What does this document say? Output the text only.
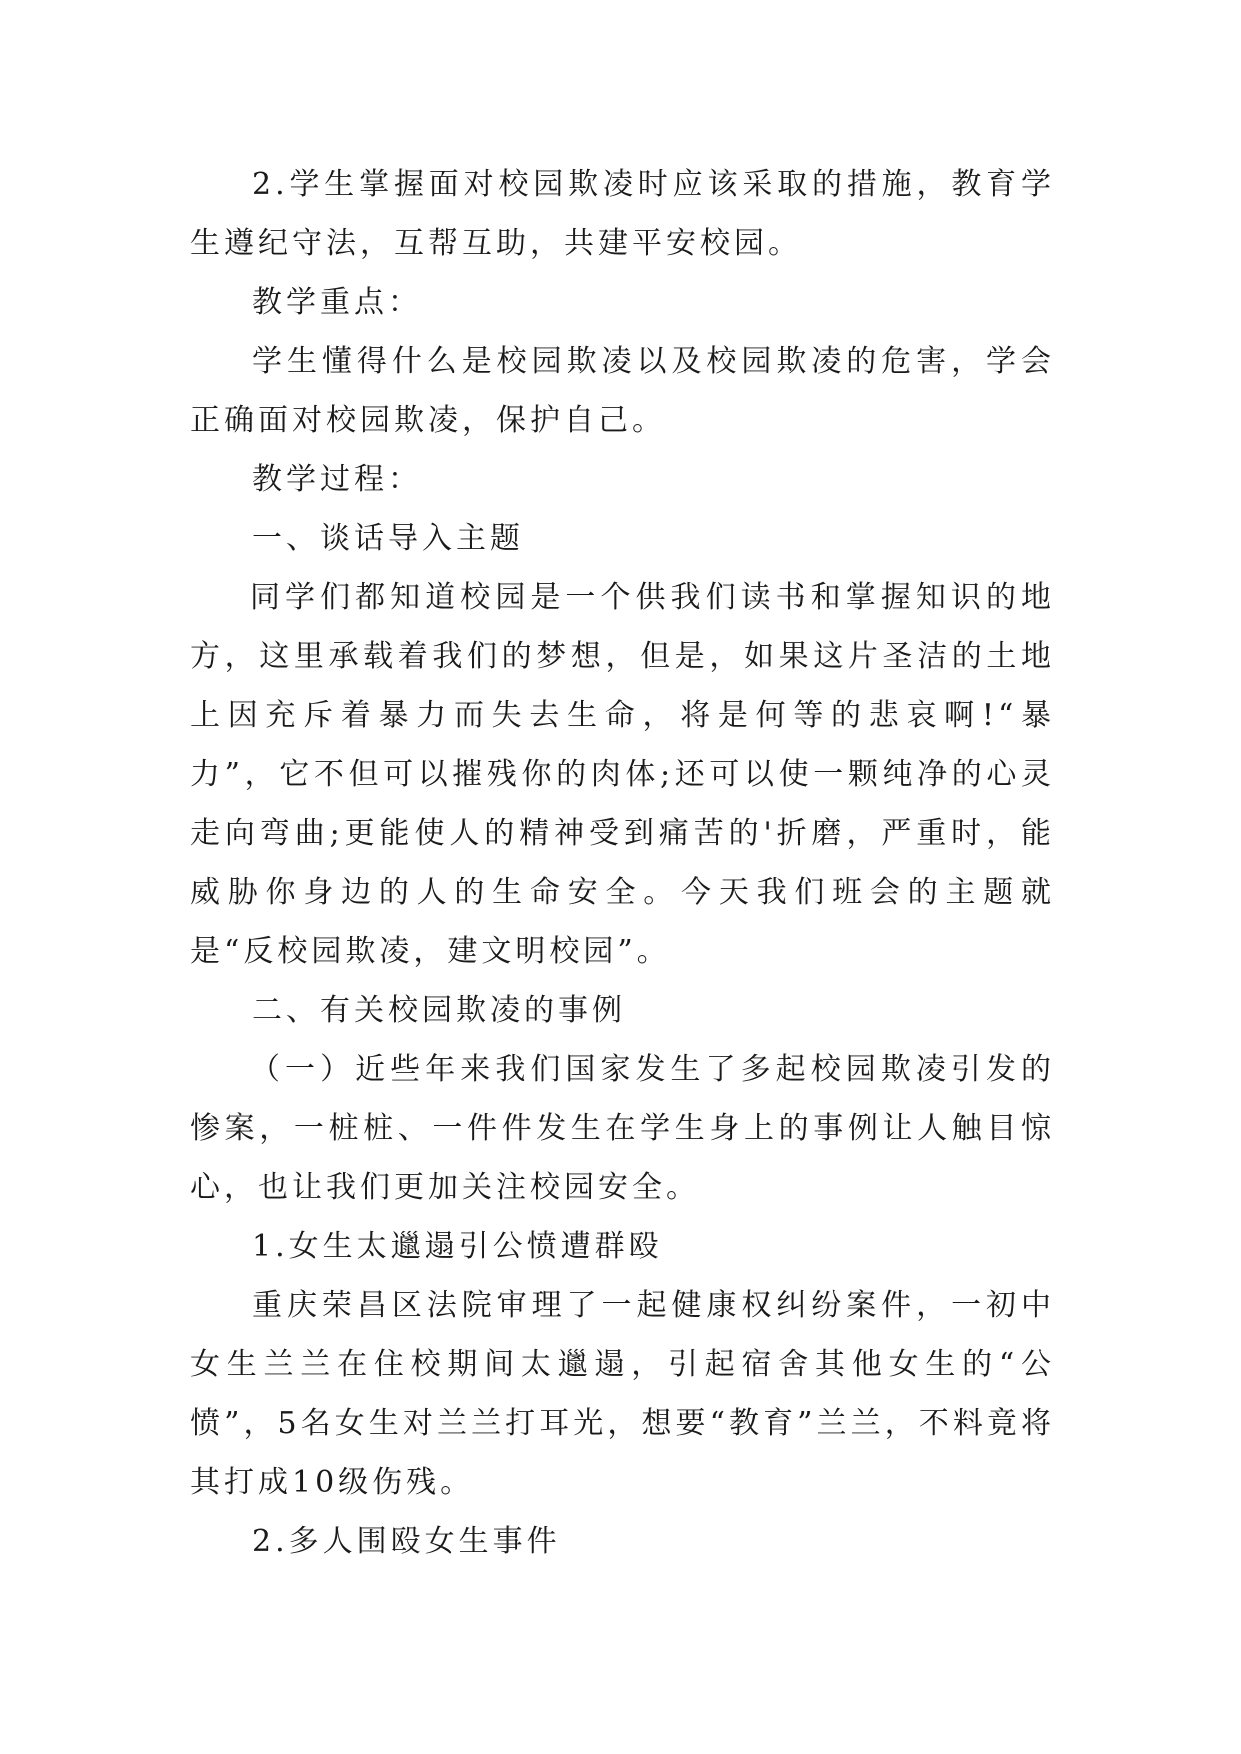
2.学生掌握面对校园欺凌时应该采取的措施，教育学生遵纪守法，互帮互助，共建平安校园。

教学重点：

学生懂得什么是校园欺凌以及校园欺凌的危害，学会正确面对校园欺凌，保护自己。

教学过程：

一、谈话导入主题

同学们都知道校园是一个供我们读书和掌握知识的地方，这里承载着我们的梦想，但是，如果这片圣洁的土地上因充斥着暴力而失去生命，将是何等的悲哀啊!“暴力”，它不但可以摧残你的肉体;还可以使一颗纯净的心灵走向弯曲;更能使人的精神受到痛苦的'折磨，严重时，能威胁你身边的人的生命安全。今天我们班会的主题就是“反校园欺凌，建文明校园”。

二、有关校园欺凌的事例

（一）近些年来我们国家发生了多起校园欺凌引发的惨案，一桩桩、一件件发生在学生身上的事例让人触目惊心，也让我们更加关注校园安全。

1.女生太邋遢引公愤遭群殴

重庆荣昌区法院审理了一起健康权纠纷案件，一初中女生兰兰在住校期间太邋遢，引起宿舍其他女生的“公愤”，5名女生对兰兰打耳光，想要“教育”兰兰，不料竟将其打成10级伤残。

2.多人围殴女生事件
